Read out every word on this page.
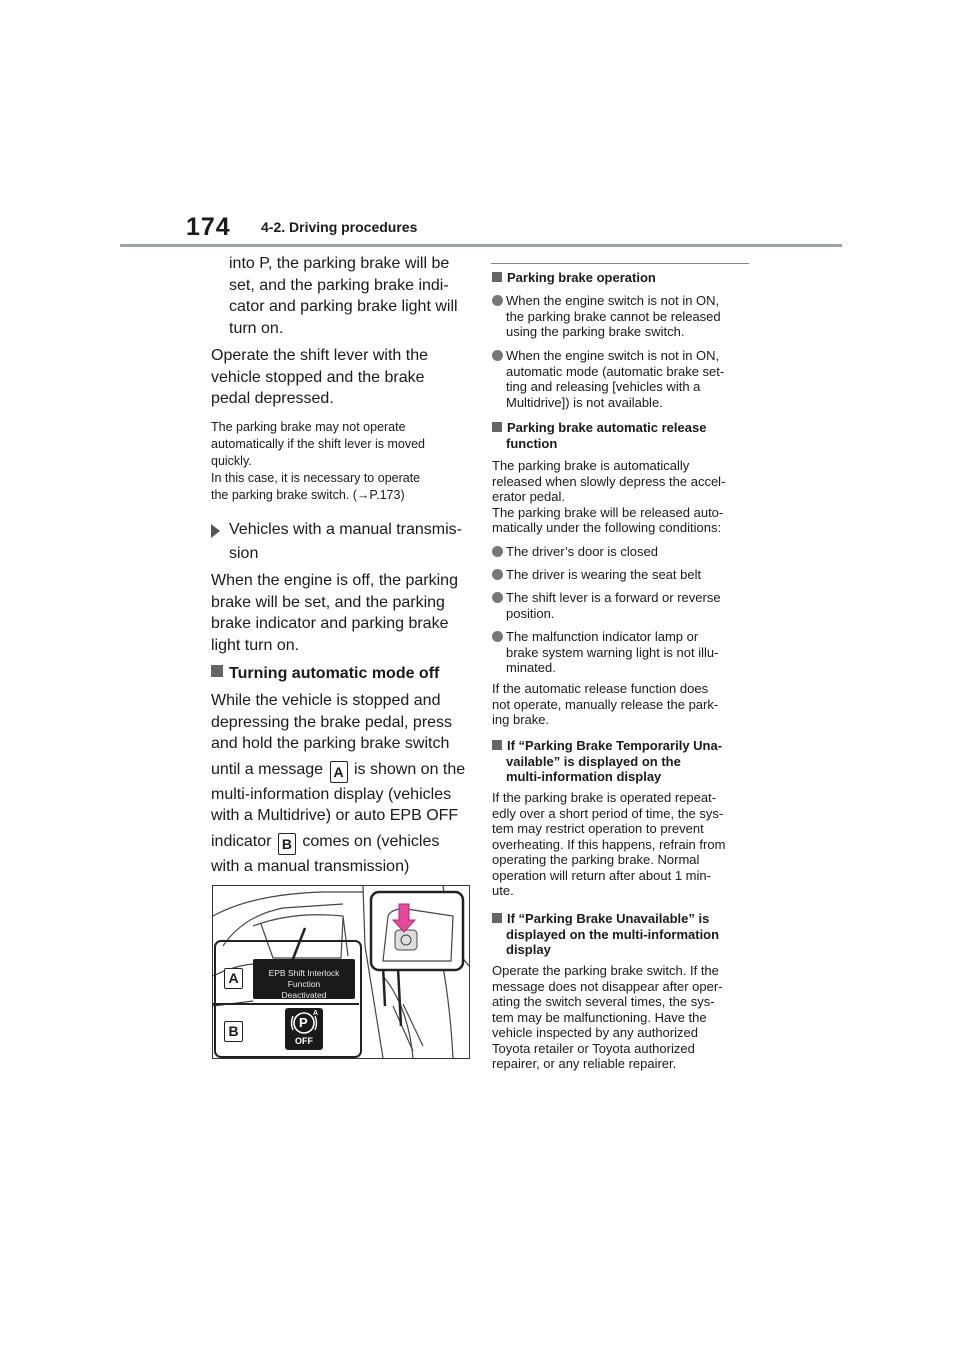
174 4-2. Driving procedures
into P, the parking brake will be
set, and the parking brake indi-
cator and parking brake light will
turn on.
Operate the shift lever with the
vehicle stopped and the brake
pedal depressed.
The parking brake may not operate
automatically if the shift lever is moved
quickly.
In this case, it is necessary to operate
the parking brake switch. (→P.173)
Vehicles with a manual transmis-
sion
When the engine is off, the parking
brake will be set, and the parking
brake indicator and parking brake
light turn on.
Turning automatic mode off
While the vehicle is stopped and
depressing the brake pedal, press
and hold the parking brake switch
until a message A is shown on the
multi-information display (vehicles
with a Multidrive) or auto EPB OFF
indicator B comes on (vehicles
with a manual transmission)
A
B
EPB Shift Interlock Function
Deactivated
P
A
OFF
Parking brake operation
When the engine switch is not in ON,
the parking brake cannot be released
using the parking brake switch.
When the engine switch is not in ON,
automatic mode (automatic brake set-
ting and releasing [vehicles with a
Multidrive]) is not available.
Parking brake automatic release
function
The parking brake is automatically
released when slowly depress the accel-
erator pedal.
The parking brake will be released auto-
matically under the following conditions:
The driver’s door is closed
The driver is wearing the seat belt
The shift lever is a forward or reverse
position.
The malfunction indicator lamp or
brake system warning light is not illu-
minated.
If the automatic release function does
not operate, manually release the park-
ing brake.
If “Parking Brake Temporarily Una-
vailable” is displayed on the
multi-information display
If the parking brake is operated repeat-
edly over a short period of time, the sys-
tem may restrict operation to prevent
overheating. If this happens, refrain from
operating the parking brake. Normal
operation will return after about 1 min-
ute.
If “Parking Brake Unavailable” is
displayed on the multi-information
display
Operate the parking brake switch. If the
message does not disappear after oper-
ating the switch several times, the sys-
tem may be malfunctioning. Have the
vehicle inspected by any authorized
Toyota retailer or Toyota authorized
repairer, or any reliable repairer.
